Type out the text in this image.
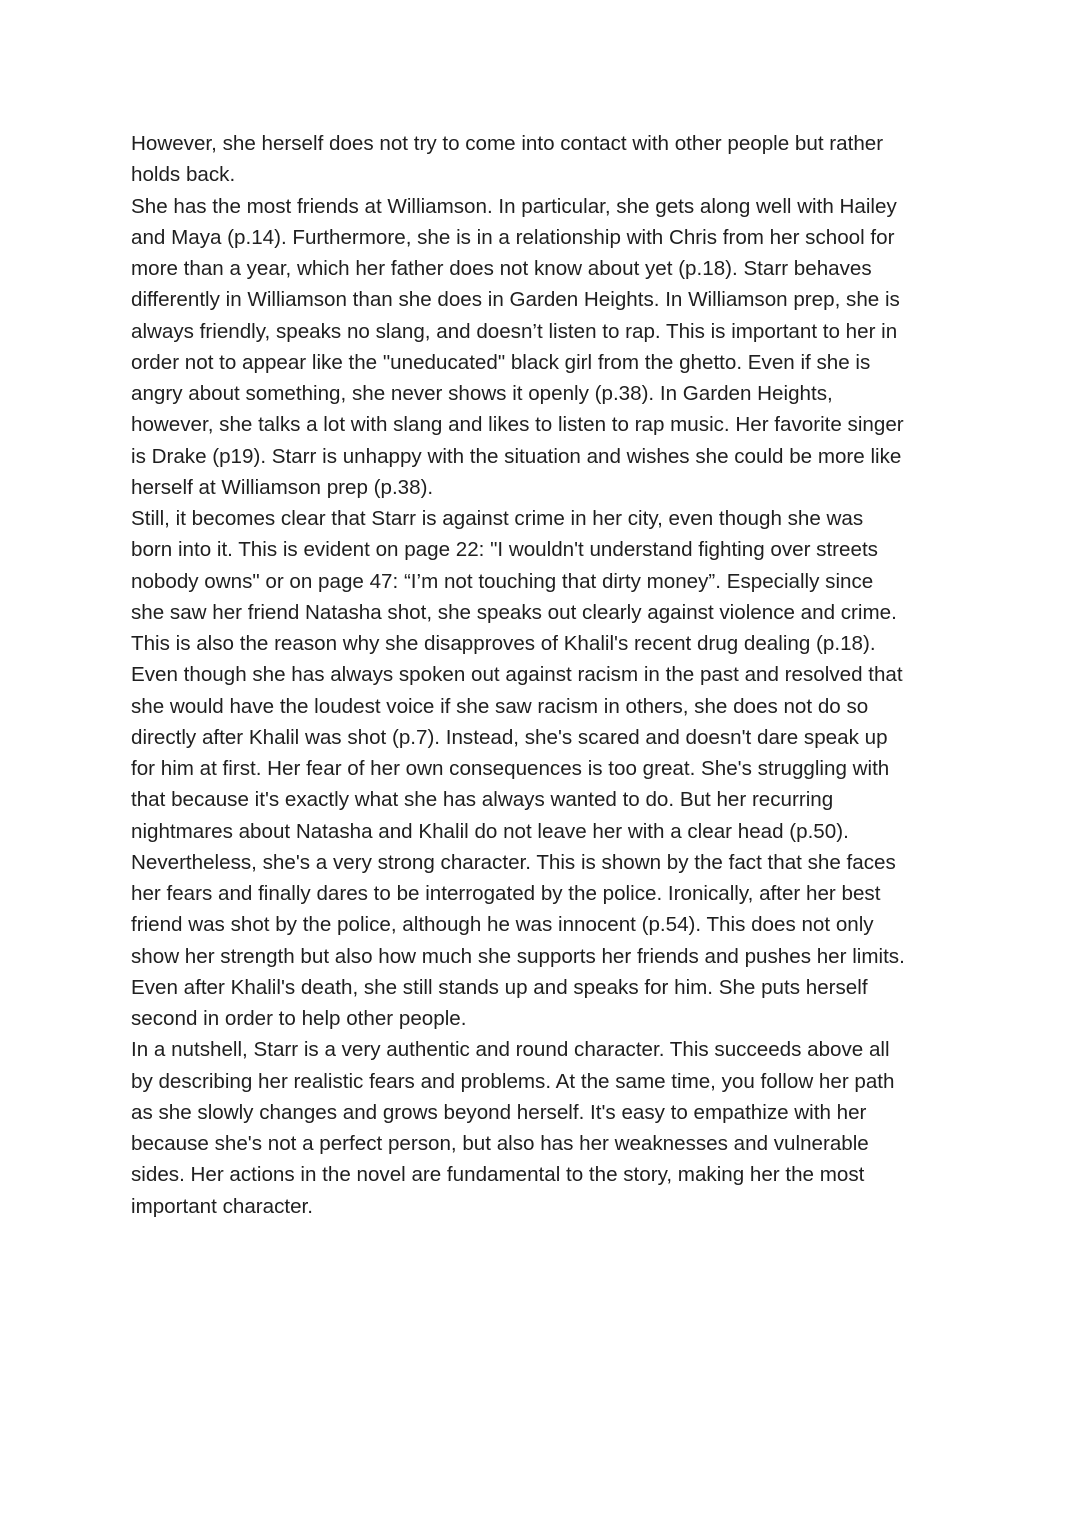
However, she herself does not try to come into contact with other people but rather
holds back.
She has the most friends at Williamson. In particular, she gets along well with Hailey
and Maya (p.14). Furthermore, she is in a relationship with Chris from her school for
more than a year, which her father does not know about yet (p.18). Starr behaves
differently in Williamson than she does in Garden Heights. In Williamson prep, she is
always friendly, speaks no slang, and doesn’t listen to rap. This is important to her in
order not to appear like the "uneducated" black girl from the ghetto. Even if she is
angry about something, she never shows it openly (p.38). In Garden Heights,
however, she talks a lot with slang and likes to listen to rap music. Her favorite singer
is Drake (p19). Starr is unhappy with the situation and wishes she could be more like
herself at Williamson prep (p.38).
Still, it becomes clear that Starr is against crime in her city, even though she was
born into it. This is evident on page 22: "I wouldn't understand fighting over streets
nobody owns" or on page 47: “I’m not touching that dirty money”. Especially since
she saw her friend Natasha shot, she speaks out clearly against violence and crime.
This is also the reason why she disapproves of Khalil's recent drug dealing (p.18).
Even though she has always spoken out against racism in the past and resolved that
she would have the loudest voice if she saw racism in others, she does not do so
directly after Khalil was shot (p.7). Instead, she's scared and doesn't dare speak up
for him at first. Her fear of her own consequences is too great. She's struggling with
that because it's exactly what she has always wanted to do. But her recurring
nightmares about Natasha and Khalil do not leave her with a clear head (p.50).
Nevertheless, she's a very strong character. This is shown by the fact that she faces
her fears and finally dares to be interrogated by the police. Ironically, after her best
friend was shot by the police, although he was innocent (p.54). This does not only
show her strength but also how much she supports her friends and pushes her limits.
Even after Khalil's death, she still stands up and speaks for him. She puts herself
second in order to help other people.
In a nutshell, Starr is a very authentic and round character. This succeeds above all
by describing her realistic fears and problems. At the same time, you follow her path
as she slowly changes and grows beyond herself. It's easy to empathize with her
because she's not a perfect person, but also has her weaknesses and vulnerable
sides. Her actions in the novel are fundamental to the story, making her the most
important character.
